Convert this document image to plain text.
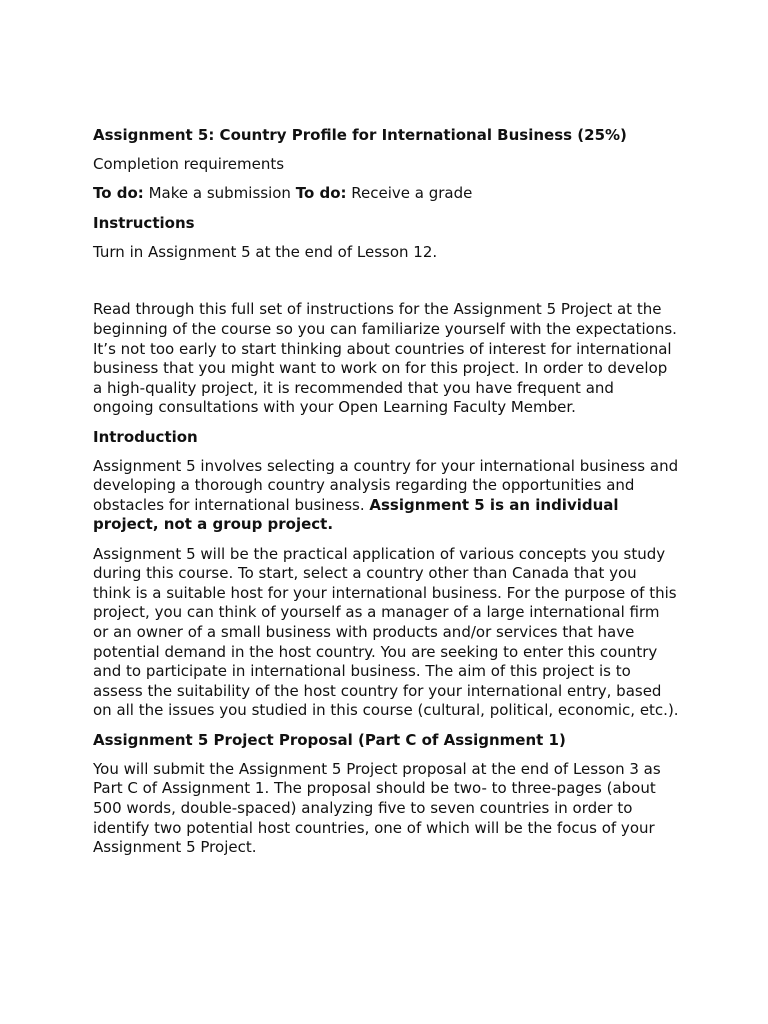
Assignment 5: Country Profile for International Business (25%)

Completion requirements

To do: Make a submission To do: Receive a grade

Instructions

Turn in Assignment 5 at the end of Lesson 12.

Read through this full set of instructions for the Assignment 5 Project at the beginning of the course so you can familiarize yourself with the expectations. It’s not too early to start thinking about countries of interest for international business that you might want to work on for this project. In order to develop a high-quality project, it is recommended that you have frequent and ongoing consultations with your Open Learning Faculty Member.

Introduction

Assignment 5 involves selecting a country for your international business and developing a thorough country analysis regarding the opportunities and obstacles for international business. Assignment 5 is an individual project, not a group project.

Assignment 5 will be the practical application of various concepts you study during this course. To start, select a country other than Canada that you think is a suitable host for your international business. For the purpose of this project, you can think of yourself as a manager of a large international firm or an owner of a small business with products and/or services that have potential demand in the host country. You are seeking to enter this country and to participate in international business. The aim of this project is to assess the suitability of the host country for your international entry, based on all the issues you studied in this course (cultural, political, economic, etc.).

Assignment 5 Project Proposal (Part C of Assignment 1)

You will submit the Assignment 5 Project proposal at the end of Lesson 3 as Part C of Assignment 1. The proposal should be two- to three-pages (about 500 words, double-spaced) analyzing five to seven countries in order to identify two potential host countries, one of which will be the focus of your Assignment 5 Project.
